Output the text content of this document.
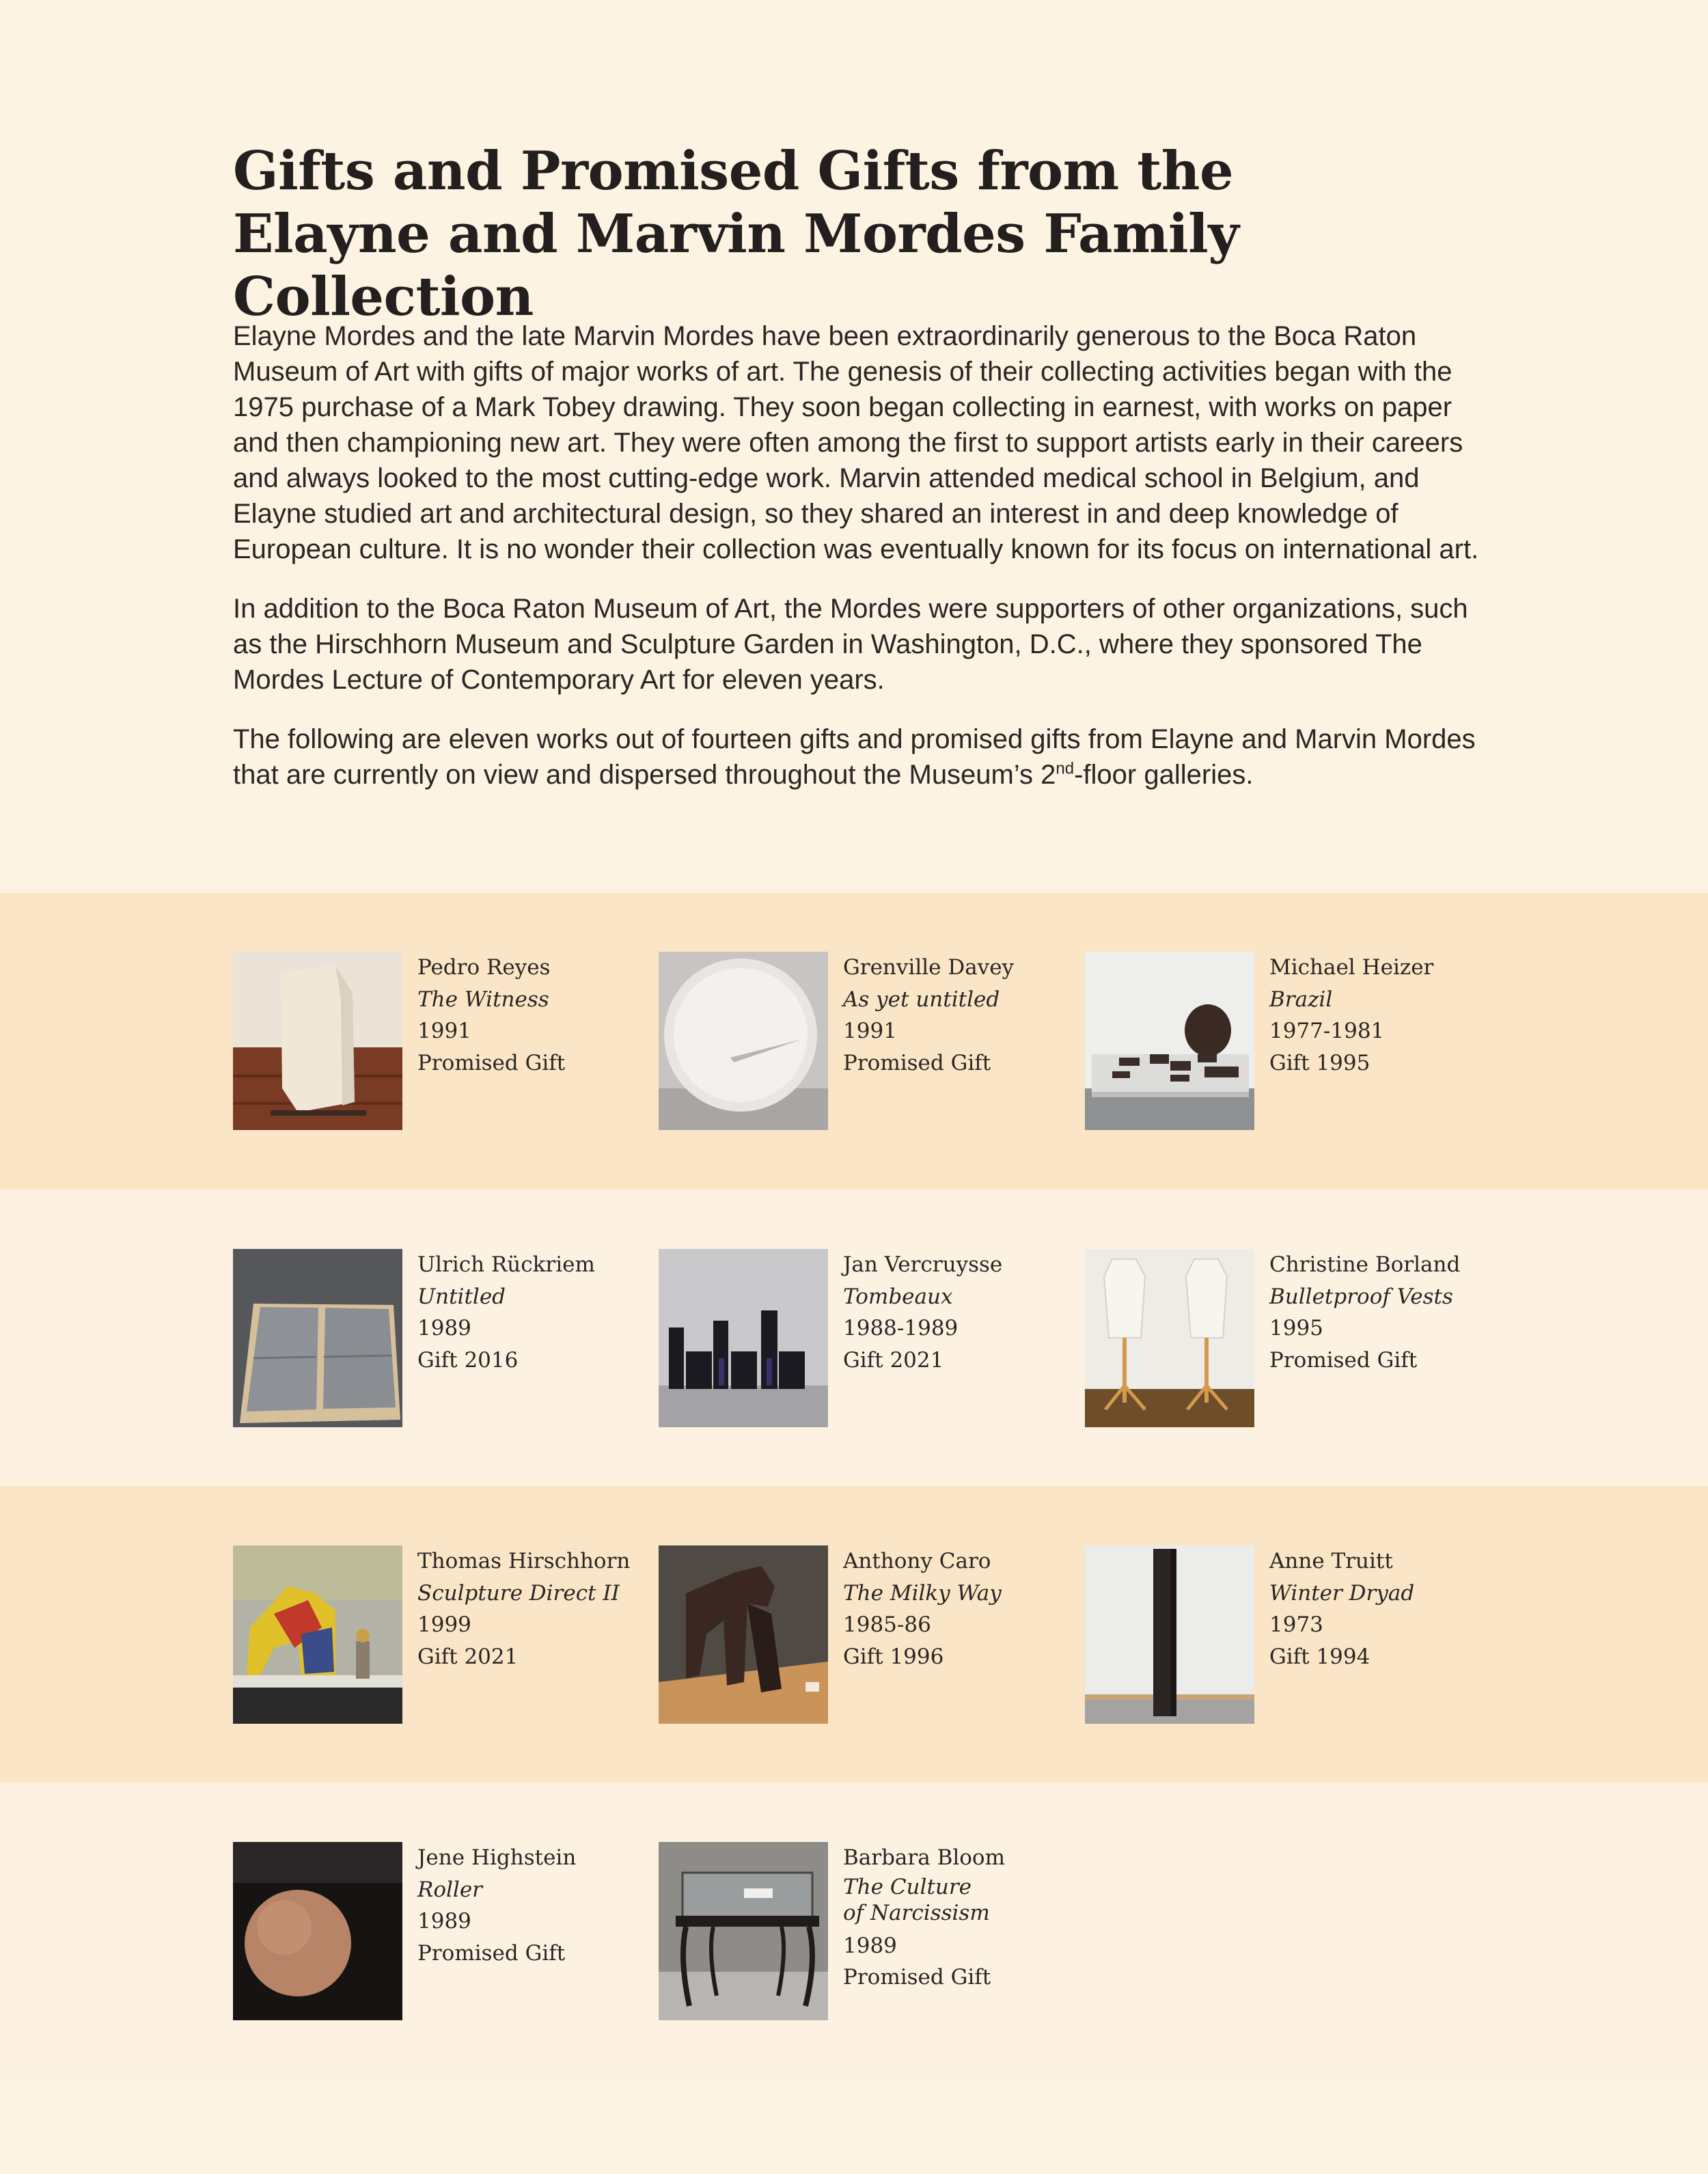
Gifts and Promised Gifts from the
Elayne and Marvin Mordes Family Collection

Elayne Mordes and the late Marvin Mordes have been extraordinarily generous to the Boca Raton Museum of Art with gifts of major works of art. The genesis of their collecting activities began with the 1975 purchase of a Mark Tobey drawing. They soon began collecting in earnest, with works on paper and then championing new art. They were often among the first to support artists early in their careers and always looked to the most cutting-edge work. Marvin attended medical school in Belgium, and Elayne studied art and architectural design, so they shared an interest in and deep knowledge of European culture. It is no wonder their collection was eventually known for its focus on international art.

In addition to the Boca Raton Museum of Art, the Mordes were supporters of other organizations, such as the Hirschhorn Museum and Sculpture Garden in Washington, D.C., where they sponsored The Mordes Lecture of Contemporary Art for eleven years.

The following are eleven works out of fourteen gifts and promised gifts from Elayne and Marvin Mordes that are currently on view and dispersed throughout the Museum’s 2nd-floor galleries.

Pedro Reyes
The Witness
1991
Promised Gift
Grenville Davey
As yet untitled
1991
Promised Gift
Michael Heizer
Brazil
1977-1981
Gift 1995
Ulrich Rückriem
Untitled
1989
Gift 2016
Jan Vercruysse
Tombeaux
1988-1989
Gift 2021
Christine Borland
Bulletproof Vests
1995
Promised Gift
Thomas Hirschhorn
Sculpture Direct II
1999
Gift 2021
Anthony Caro
The Milky Way
1985-86
Gift 1996
Anne Truitt
Winter Dryad
1973
Gift 1994
Jene Highstein
Roller
1989
Promised Gift
Barbara Bloom
The Culture
of Narcissism
1989
Promised Gift
